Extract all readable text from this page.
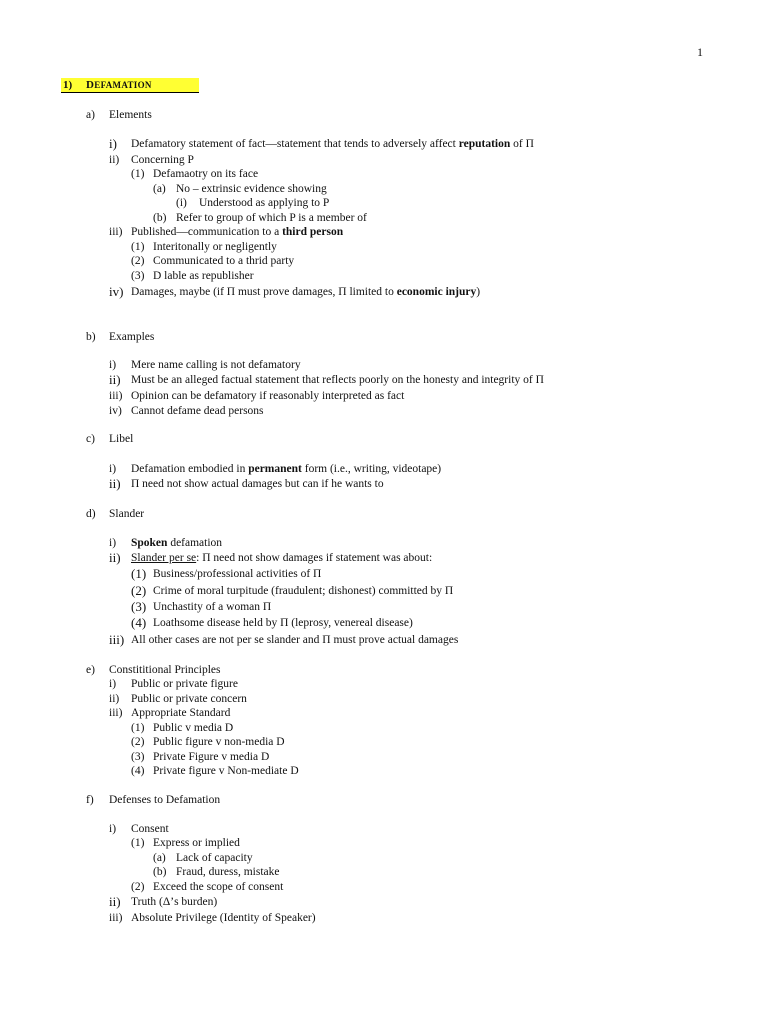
1
1) DEFAMATION
a) Elements
i) Defamatory statement of fact—statement that tends to adversely affect reputation of Π
ii) Concerning P
(1) Defamaotry on its face
(a) No – extrinsic evidence showing
(i) Understood as applying to P
(b) Refer to group of which P is a member of
iii) Published—communication to a third person
(1) Interitonally or negligently
(2) Communicated to a thrid party
(3) D lable as republisher
iv) Damages, maybe (if Π must prove damages, Π limited to economic injury)
b) Examples
i) Mere name calling is not defamatory
ii) Must be an alleged factual statement that reflects poorly on the honesty and integrity of Π
iii) Opinion can be defamatory if reasonably interpreted as fact
iv) Cannot defame dead persons
c) Libel
i) Defamation embodied in permanent form (i.e., writing, videotape)
ii) Π need not show actual damages but can if he wants to
d) Slander
i) Spoken defamation
ii) Slander per se: Π need not show damages if statement was about:
(1) Business/professional activities of Π
(2) Crime of moral turpitude (fraudulent; dishonest) committed by Π
(3) Unchastity of a woman Π
(4) Loathsome disease held by Π (leprosy, venereal disease)
iii) All other cases are not per se slander and Π must prove actual damages
e) Constititional Principles
i) Public or private figure
ii) Public or private concern
iii) Appropriate Standard
(1) Public v media D
(2) Public figure v non-media D
(3) Private Figure v media D
(4) Private figure v Non-mediate D
f) Defenses to Defamation
i) Consent
(1) Express or implied
(a) Lack of capacity
(b) Fraud, duress, mistake
(2) Exceed the scope of consent
ii) Truth (Δ’s burden)
iii) Absolute Privilege (Identity of Speaker)
